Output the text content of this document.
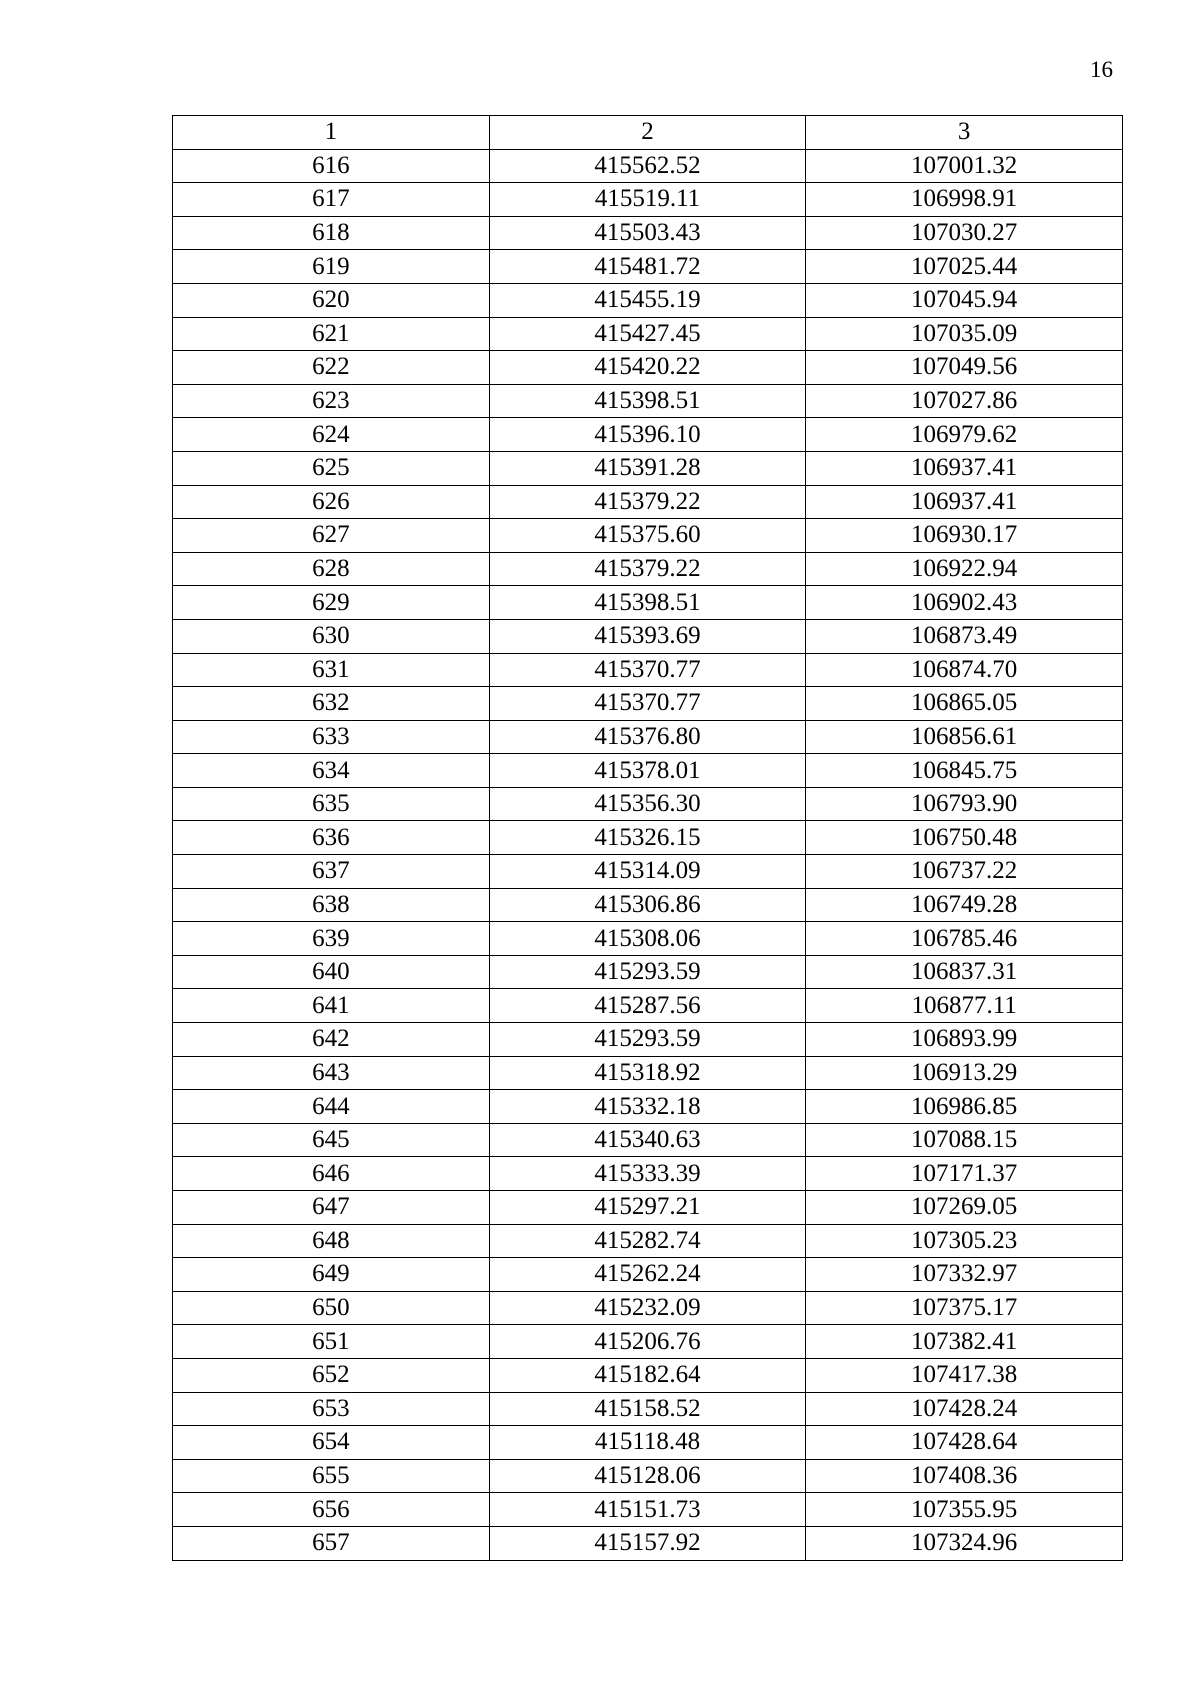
16
1	2	3
616	415562.52	107001.32
617	415519.11	106998.91
618	415503.43	107030.27
619	415481.72	107025.44
620	415455.19	107045.94
621	415427.45	107035.09
622	415420.22	107049.56
623	415398.51	107027.86
624	415396.10	106979.62
625	415391.28	106937.41
626	415379.22	106937.41
627	415375.60	106930.17
628	415379.22	106922.94
629	415398.51	106902.43
630	415393.69	106873.49
631	415370.77	106874.70
632	415370.77	106865.05
633	415376.80	106856.61
634	415378.01	106845.75
635	415356.30	106793.90
636	415326.15	106750.48
637	415314.09	106737.22
638	415306.86	106749.28
639	415308.06	106785.46
640	415293.59	106837.31
641	415287.56	106877.11
642	415293.59	106893.99
643	415318.92	106913.29
644	415332.18	106986.85
645	415340.63	107088.15
646	415333.39	107171.37
647	415297.21	107269.05
648	415282.74	107305.23
649	415262.24	107332.97
650	415232.09	107375.17
651	415206.76	107382.41
652	415182.64	107417.38
653	415158.52	107428.24
654	415118.48	107428.64
655	415128.06	107408.36
656	415151.73	107355.95
657	415157.92	107324.96
